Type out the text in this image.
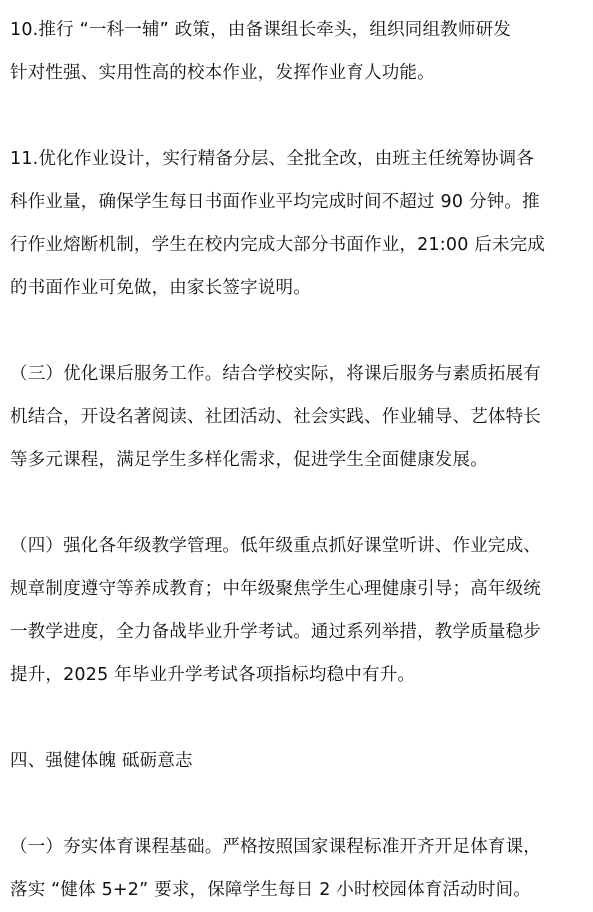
10.推行 “一科一辅” 政策，由备课组长牵头，组织同组教师研发
针对性强、实用性高的校本作业，发挥作业育人功能。
11.优化作业设计，实行精备分层、全批全改，由班主任统筹协调各
科作业量，确保学生每日书面作业平均完成时间不超过 90 分钟。推
行作业熔断机制，学生在校内完成大部分书面作业，21:00 后未完成
的书面作业可免做，由家长签字说明。
（三）优化课后服务工作。结合学校实际，将课后服务与素质拓展有
机结合，开设名著阅读、社团活动、社会实践、作业辅导、艺体特长
等多元课程，满足学生多样化需求，促进学生全面健康发展。
（四）强化各年级教学管理。低年级重点抓好课堂听讲、作业完成、
规章制度遵守等养成教育；中年级聚焦学生心理健康引导；高年级统
一教学进度，全力备战毕业升学考试。通过系列举措，教学质量稳步
提升，2025 年毕业升学考试各项指标均稳中有升。
四、强健体魄 砥砺意志
（一）夯实体育课程基础。严格按照国家课程标准开齐开足体育课，
落实 “健体 5+2” 要求，保障学生每日 2 小时校园体育活动时间。
